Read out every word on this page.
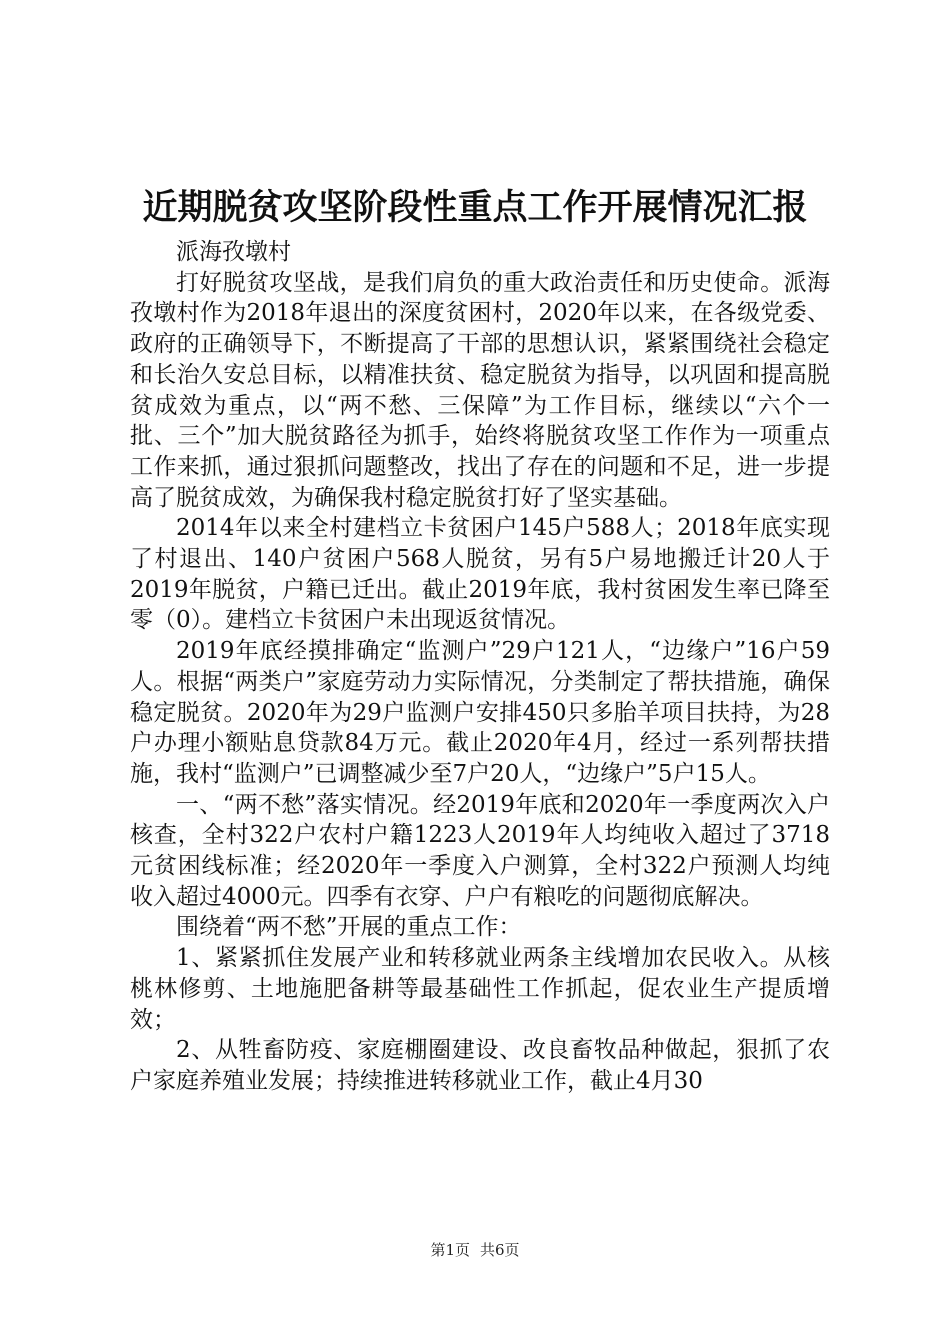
近期脱贫攻坚阶段性重点工作开展情况汇报

派海孜墩村

打好脱贫攻坚战，是我们肩负的重大政治责任和历史使命。派海孜墩村作为2018年退出的深度贫困村，2020年以来，在各级党委、政府的正确领导下，不断提高了干部的思想认识，紧紧围绕社会稳定和长治久安总目标，以精准扶贫、稳定脱贫为指导，以巩固和提高脱贫成效为重点，以“两不愁、三保障”为工作目标，继续以“六个一批、三个”加大脱贫路径为抓手，始终将脱贫攻坚工作作为一项重点工作来抓，通过狠抓问题整改，找出了存在的问题和不足，进一步提高了脱贫成效，为确保我村稳定脱贫打好了坚实基础。

2014年以来全村建档立卡贫困户145户588人；2018年底实现了村退出、140户贫困户568人脱贫，另有5户易地搬迁计20人于2019年脱贫，户籍已迁出。截止2019年底，我村贫困发生率已降至零（0）。建档立卡贫困户未出现返贫情况。

2019年底经摸排确定“监测户”29户121人，“边缘户”16户59人。根据“两类户”家庭劳动力实际情况，分类制定了帮扶措施，确保稳定脱贫。2020年为29户监测户安排450只多胎羊项目扶持，为28户办理小额贴息贷款84万元。截止2020年4月，经过一系列帮扶措施，我村“监测户”已调整减少至7户20人，“边缘户”5户15人。

一、“两不愁”落实情况。经2019年底和2020年一季度两次入户核查，全村322户农村户籍1223人2019年人均纯收入超过了3718元贫困线标准；经2020年一季度入户测算，全村322户预测人均纯收入超过4000元。四季有衣穿、户户有粮吃的问题彻底解决。

围绕着“两不愁”开展的重点工作：

1、紧紧抓住发展产业和转移就业两条主线增加农民收入。从核桃林修剪、土地施肥备耕等最基础性工作抓起，促农业生产提质增效；

2、从牲畜防疫、家庭棚圈建设、改良畜牧品种做起，狠抓了农户家庭养殖业发展；持续推进转移就业工作，截止4月30

第1页 共6页
